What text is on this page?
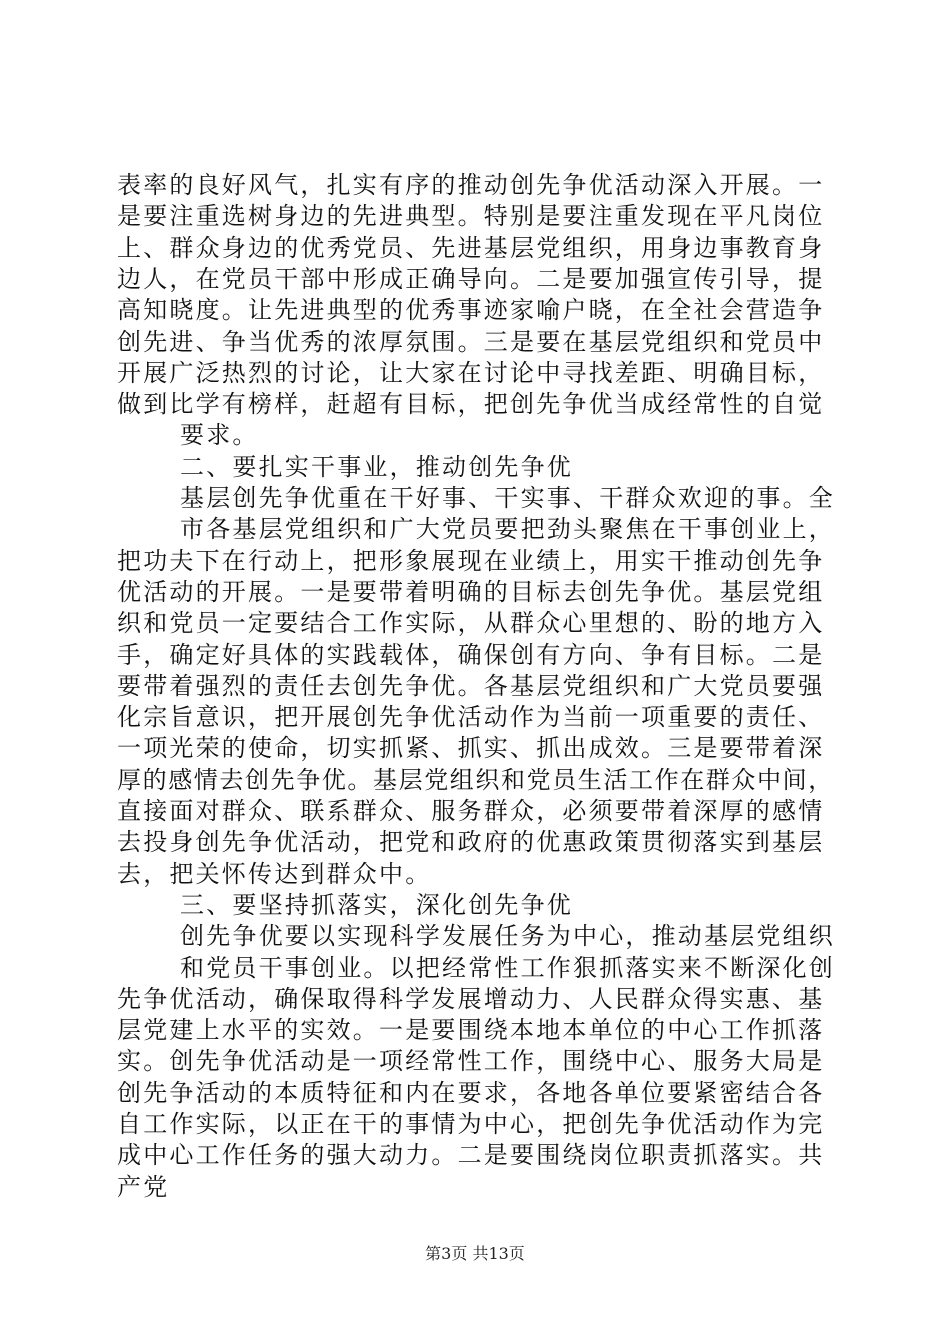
表率的良好风气，扎实有序的推动创先争优活动深入开展。一
是要注重选树身边的先进典型。特别是要注重发现在平凡岗位
上、群众身边的优秀党员、先进基层党组织，用身边事教育身
边人，在党员干部中形成正确导向。二是要加强宣传引导，提
高知晓度。让先进典型的优秀事迹家喻户晓，在全社会营造争
创先进、争当优秀的浓厚氛围。三是要在基层党组织和党员中
开展广泛热烈的讨论，让大家在讨论中寻找差距、明确目标，
做到比学有榜样，赶超有目标，把创先争优当成经常性的自觉
要求。
二、要扎实干事业，推动创先争优
基层创先争优重在干好事、干实事、干群众欢迎的事。全
市各基层党组织和广大党员要把劲头聚焦在干事创业上，
把功夫下在行动上，把形象展现在业绩上，用实干推动创先争
优活动的开展。一是要带着明确的目标去创先争优。基层党组
织和党员一定要结合工作实际，从群众心里想的、盼的地方入
手，确定好具体的实践载体，确保创有方向、争有目标。二是
要带着强烈的责任去创先争优。各基层党组织和广大党员要强
化宗旨意识，把开展创先争优活动作为当前一项重要的责任、
一项光荣的使命，切实抓紧、抓实、抓出成效。三是要带着深
厚的感情去创先争优。基层党组织和党员生活工作在群众中间，
直接面对群众、联系群众、服务群众，必须要带着深厚的感情
去投身创先争优活动，把党和政府的优惠政策贯彻落实到基层
去，把关怀传达到群众中。
三、要坚持抓落实，深化创先争优
创先争优要以实现科学发展任务为中心，推动基层党组织
和党员干事创业。以把经常性工作狠抓落实来不断深化创
先争优活动，确保取得科学发展增动力、人民群众得实惠、基
层党建上水平的实效。一是要围绕本地本单位的中心工作抓落
实。创先争优活动是一项经常性工作，围绕中心、服务大局是
创先争活动的本质特征和内在要求，各地各单位要紧密结合各
自工作实际，以正在干的事情为中心，把创先争优活动作为完
成中心工作任务的强大动力。二是要围绕岗位职责抓落实。共
产党
第3页 共13页
